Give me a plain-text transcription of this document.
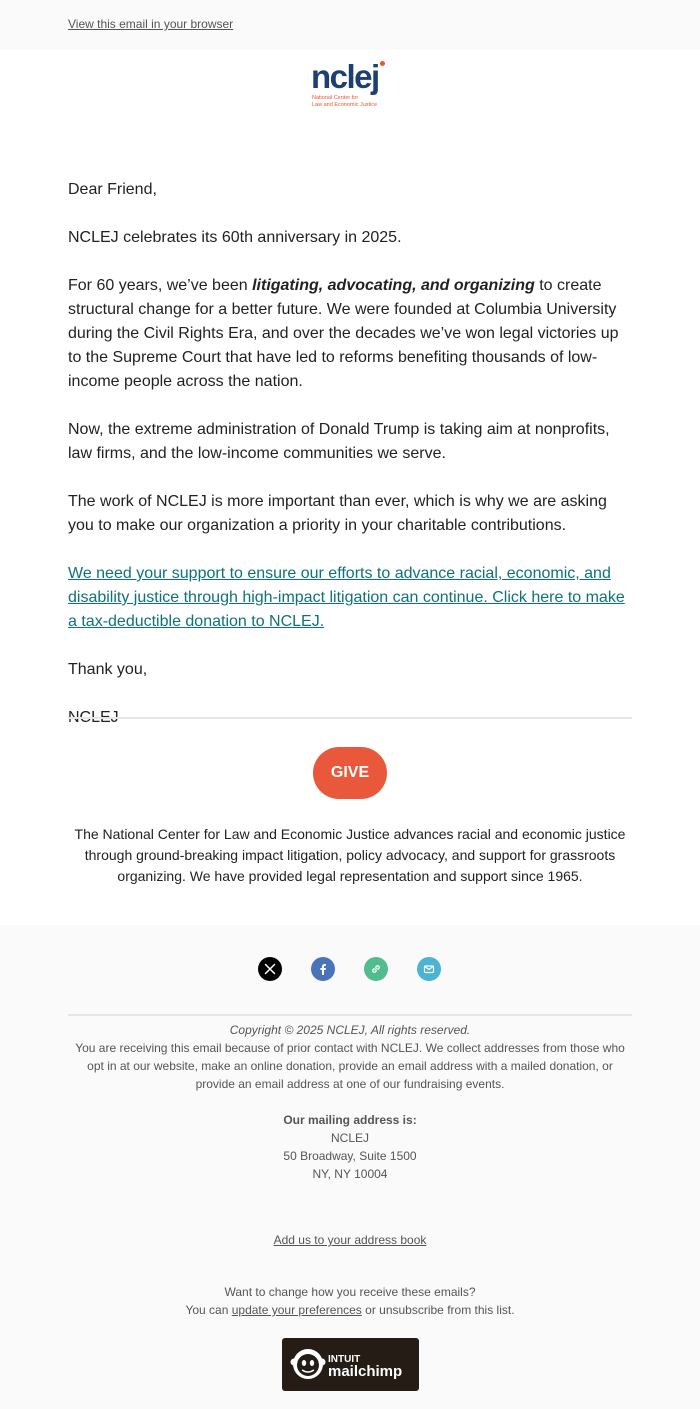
View this email in your browser
nclej
National Center for
Law and Economic Justice

Dear Friend,

NCLEJ celebrates its 60th anniversary in 2025.

For 60 years, we’ve been litigating, advocating, and organizing to create structural change for a better future. We were founded at Columbia University during the Civil Rights Era, and over the decades we’ve won legal victories up to the Supreme Court that have led to reforms benefiting thousands of low-income people across the nation.

Now, the extreme administration of Donald Trump is taking aim at nonprofits, law firms, and the low-income communities we serve.

The work of NCLEJ is more important than ever, which is why we are asking you to make our organization a priority in your charitable contributions.

We need your support to ensure our efforts to advance racial, economic, and disability justice through high-impact litigation can continue. Click here to make a tax-deductible donation to NCLEJ.

Thank you,

NCLEJ

GIVE
The National Center for Law and Economic Justice advances racial and economic justice through ground-breaking impact litigation, policy advocacy, and support for grassroots organizing. We have provided legal representation and support since 1965.
Copyright © 2025 NCLEJ, All rights reserved.
You are receiving this email because of prior contact with NCLEJ. We collect addresses from those who opt in at our website, make an online donation, provide an email address with a mailed donation, or provide an email address at one of our fundraising events.
Our mailing address is:
NCLEJ
50 Broadway, Suite 1500
NY, NY 10004
Add us to your address book
Want to change how you receive these emails?
You can update your preferences or unsubscribe from this list.
INTUIT
mailchimp
